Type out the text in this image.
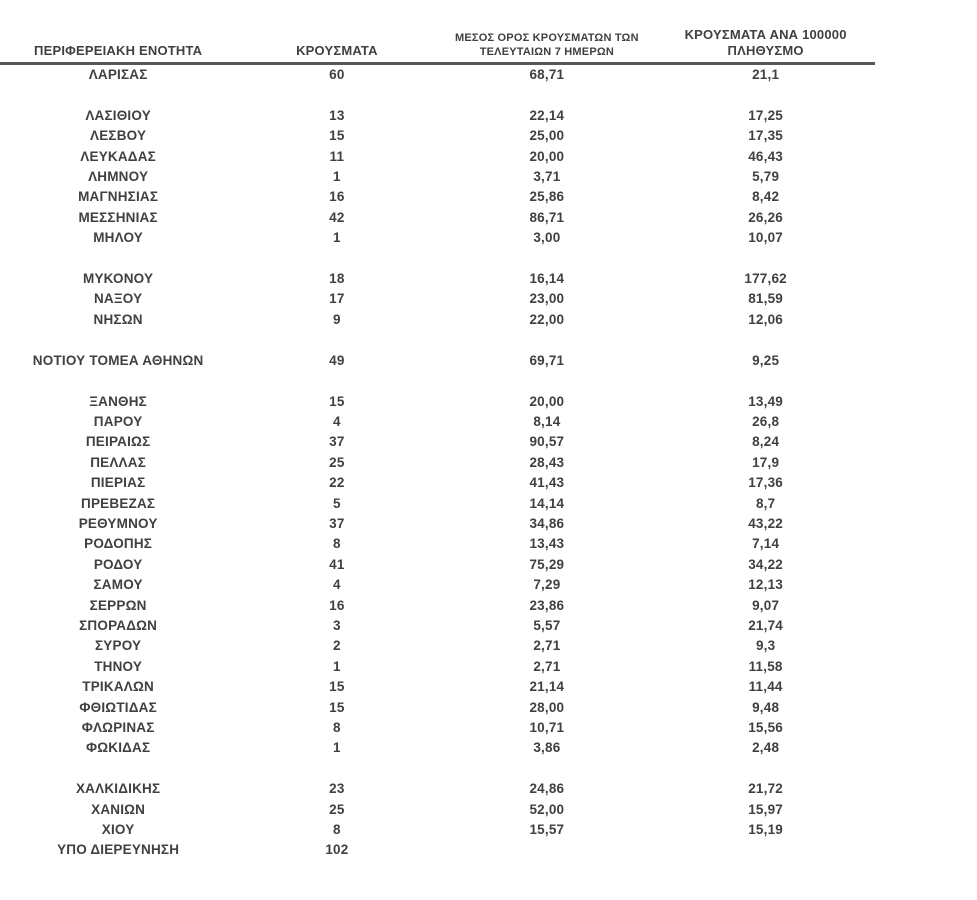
ΠΕΡΙΦΕΡΕΙΑΚΗ ΕΝΟΤΗΤΑ	ΚΡΟΥΣΜΑΤΑ	ΜΕΣΟΣ ΟΡΟΣ ΚΡΟΥΣΜΑΤΩΝ ΤΩΝ
ΤΕΛΕΥΤΑΙΩΝ 7 ΗΜΕΡΩΝ	ΚΡΟΥΣΜΑΤΑ ΑΝΑ 100000
ΠΛΗΘΥΣΜΟ

ΛΑΡΙΣΑΣ	60	68,71	21,1

ΛΑΣΙΘΙΟΥ	13	22,14	17,25
ΛΕΣΒΟΥ	15	25,00	17,35
ΛΕΥΚΑΔΑΣ	11	20,00	46,43
ΛΗΜΝΟΥ	1	3,71	5,79
ΜΑΓΝΗΣΙΑΣ	16	25,86	8,42
ΜΕΣΣΗΝΙΑΣ	42	86,71	26,26
ΜΗΛΟΥ	1	3,00	10,07

ΜΥΚΟΝΟΥ	18	16,14	177,62
ΝΑΞΟΥ	17	23,00	81,59
ΝΗΣΩΝ	9	22,00	12,06

ΝΟΤΙΟΥ ΤΟΜΕΑ ΑΘΗΝΩΝ	49	69,71	9,25

ΞΑΝΘΗΣ	15	20,00	13,49
ΠΑΡΟΥ	4	8,14	26,8
ΠΕΙΡΑΙΩΣ	37	90,57	8,24
ΠΕΛΛΑΣ	25	28,43	17,9
ΠΙΕΡΙΑΣ	22	41,43	17,36
ΠΡΕΒΕΖΑΣ	5	14,14	8,7
ΡΕΘΥΜΝΟΥ	37	34,86	43,22
ΡΟΔΟΠΗΣ	8	13,43	7,14
ΡΟΔΟΥ	41	75,29	34,22
ΣΑΜΟΥ	4	7,29	12,13
ΣΕΡΡΩΝ	16	23,86	9,07
ΣΠΟΡΑΔΩΝ	3	5,57	21,74
ΣΥΡΟΥ	2	2,71	9,3
ΤΗΝΟΥ	1	2,71	11,58
ΤΡΙΚΑΛΩΝ	15	21,14	11,44
ΦΘΙΩΤΙΔΑΣ	15	28,00	9,48
ΦΛΩΡΙΝΑΣ	8	10,71	15,56
ΦΩΚΙΔΑΣ	1	3,86	2,48

ΧΑΛΚΙΔΙΚΗΣ	23	24,86	21,72
ΧΑΝΙΩΝ	25	52,00	15,97
ΧΙΟΥ	8	15,57	15,19
ΥΠΟ ΔΙΕΡΕΥΝΗΣΗ	102		
